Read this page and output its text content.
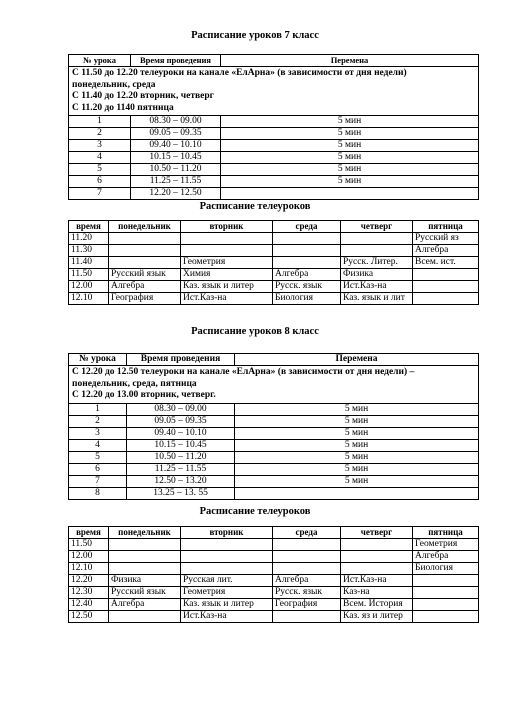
Расписание уроков 7 класс
№ урока	Время проведения	Перемена

С 11.50 до 12.20 телеуроки на канале «ЕлАрна» (в зависимости от дня недели)
понедельник, среда
С 11.40 до 12.20 вторник, четверг
С 11.20 до 1140 пятница		

1	08.30 – 09.00	5 мин
2	09.05 – 09.35	5 мин
3	09.40 – 10.10	5 мин
4	10.15 – 10.45	5 мин
5	10.50 – 11.20	5 мин
6	11.25 – 11.55	5 мин
7	12.20 – 12.50	
Расписание телеуроков
время	понедельник	вторник	среда	четверг	пятница
11.20					Русский яз
11.30					Алгебра
11.40		Геометрия		Русск. Литер.	Всем. ист.
11.50	Русский язык	Химия	Алгебра	Физика	
12.00	Алгебра	Каз. язык и литер	Русск. язык	Ист.Каз-на	
12.10	География	Ист.Каз-на	Биология	Каз. язык и лит	
Расписание уроков 8 класс
№ урока	Время проведения	Перемена

С 12.20 до 12.50 телеуроки на канале «ЕлАрна» (в зависимости от дня недели) –
понедельник, среда, пятница
С 12.20 до 13.00 вторник, четверг.		

1	08.30 – 09.00	5 мин
2	09.05 – 09.35	5 мин
3	09.40 – 10.10	5 мин
4	10.15 – 10.45	5 мин
5	10.50 – 11.20	5 мин
6	11.25 – 11.55	5 мин
7	12.50 – 13.20	5 мин
8	13.25 – 13. 55	
Расписание телеуроков
время	понедельник	вторник	среда	четверг	пятница
11.50					Геометрия
12.00					Алгебра
12.10					Биология
12.20	Физика	Русская лит.	Алгебра	Ист.Каз-на	
12.30	Русский язык	Геометрия	Русск. язык	Каз-на	
12.40	Алгебра	Каз. язык и литер	География	Всем. История	
12.50		Ист.Каз-на		Каз. яз и литер	
